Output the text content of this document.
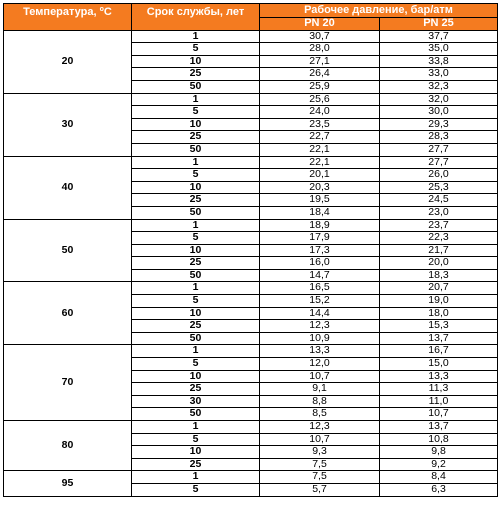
Температура, $^o$C	Срок службы, лет	Рабочее давление, бар/атм	
		PN 20	PN 25
20	1	30,7	37,7
	5	28,0	35,0
	10	27,1	33,8
	25	26,4	33,0
	50	25,9	32,3
30	1	25,6	32,0
	5	24,0	30,0
	10	23,5	29,3
	25	22,7	28,3
	50	22,1	27,7
40	1	22,1	27,7
	5	20,1	26,0
	10	20,3	25,3
	25	19,5	24,5
	50	18,4	23,0
50	1	18,9	23,7
	5	17,9	22,3
	10	17,3	21,7
	25	16,0	20,0
	50	14,7	18,3
60	1	16,5	20,7
	5	15,2	19,0
	10	14,4	18,0
	25	12,3	15,3
	50	10,9	13,7
70	1	13,3	16,7
	5	12,0	15,0
	10	10,7	13,3
	25	9,1	11,3
	30	8,8	11,0
	50	8,5	10,7
80	1	12,3	13,7
	5	10,7	10,8
	10	9,3	9,8
	25	7,5	9,2
95	1	7,5	8,4
	5	5,7	6,3
